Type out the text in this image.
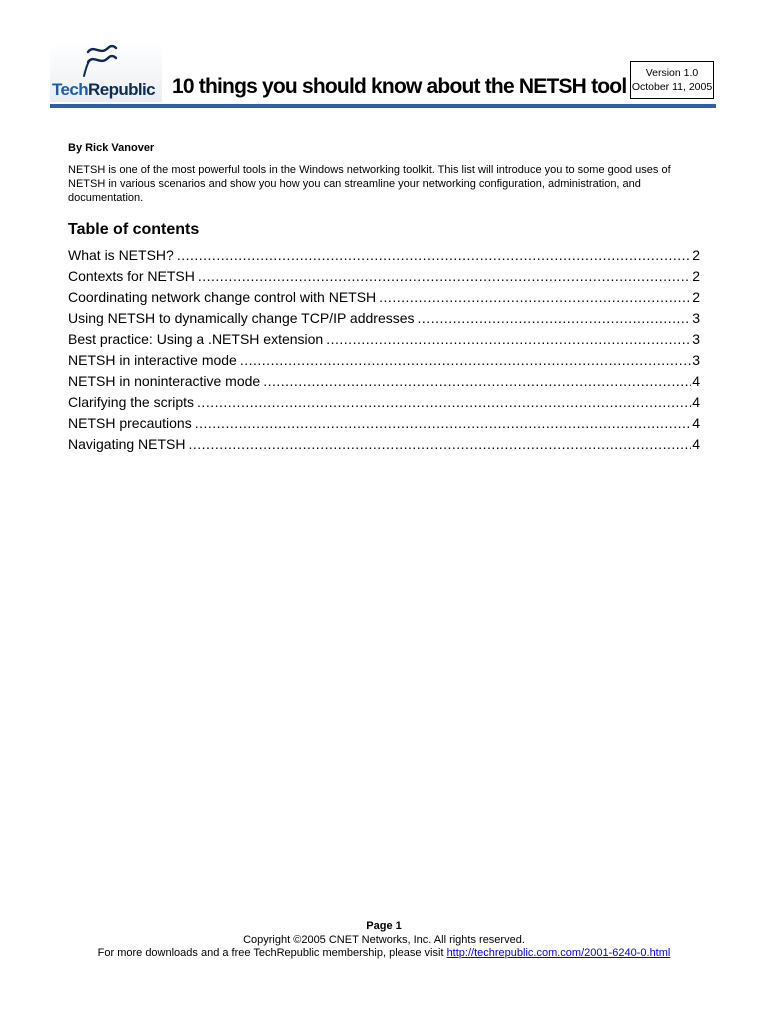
TechRepublic 10 things you should know about the NETSH tool
Version 1.0
October 11, 2005

By Rick Vanover

NETSH is one of the most powerful tools in the Windows networking toolkit. This list will introduce you to some good uses of NETSH in various scenarios and show you how you can streamline your networking configuration, administration, and documentation.

Table of contents
What is NETSH? .....	2
Contexts for NETSH .....	2
Coordinating network change control with NETSH .....	2
Using NETSH to dynamically change TCP/IP addresses .....	3
Best practice: Using a .NETSH extension .....	3
NETSH in interactive mode .....	3
NETSH in noninteractive mode .....	4
Clarifying the scripts .....	4
NETSH precautions .....	4
Navigating NETSH .....	4
Page 1
Copyright ©2005 CNET Networks, Inc. All rights reserved.
For more downloads and a free TechRepublic membership, please visit http://techrepublic.com.com/2001-6240-0.html
